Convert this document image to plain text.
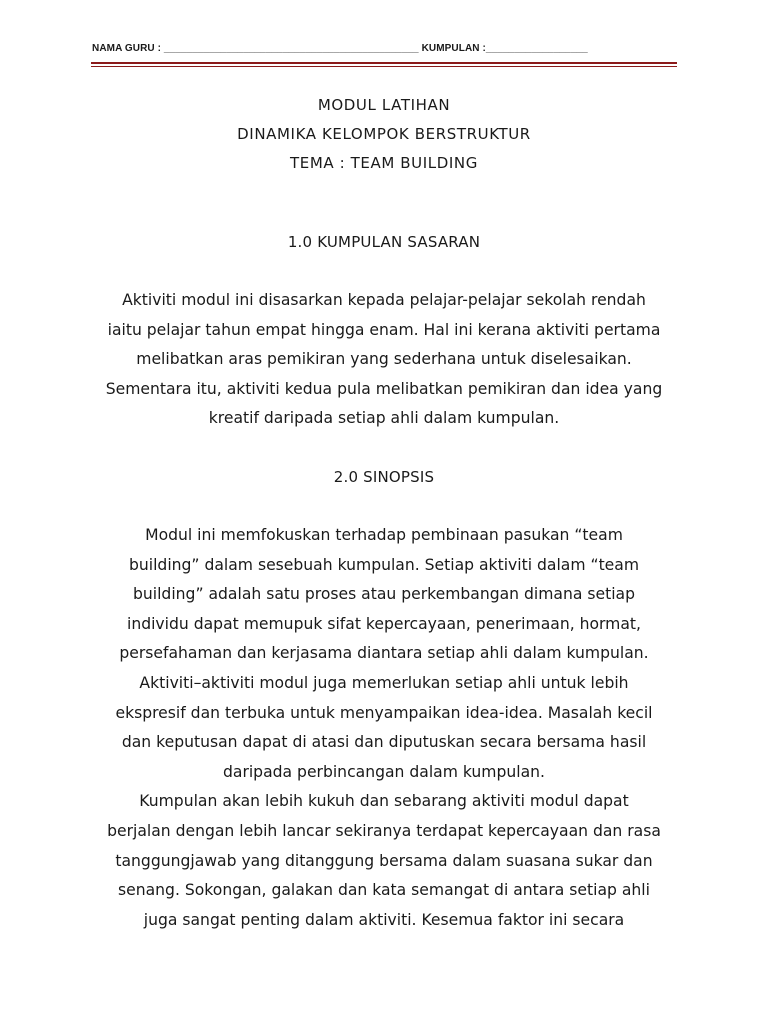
NAMA GURU : _____________________________________________ KUMPULAN :__________________
MODUL LATIHAN
DINAMIKA KELOMPOK BERSTRUKTUR
TEMA : TEAM BUILDING
1.0 KUMPULAN SASARAN
Aktiviti modul ini disasarkan kepada pelajar-pelajar sekolah rendah
iaitu pelajar tahun empat hingga enam. Hal ini kerana aktiviti pertama
melibatkan aras pemikiran yang sederhana untuk diselesaikan.
Sementara itu, aktiviti kedua pula melibatkan pemikiran dan idea yang
kreatif daripada setiap ahli dalam kumpulan.
2.0 SINOPSIS
Modul ini memfokuskan terhadap pembinaan pasukan “team
building” dalam sesebuah kumpulan. Setiap aktiviti dalam “team
building” adalah satu proses atau perkembangan dimana setiap
individu dapat memupuk sifat kepercayaan, penerimaan, hormat,
persefahaman dan kerjasama diantara setiap ahli dalam kumpulan.
Aktiviti–aktiviti modul juga memerlukan setiap ahli untuk lebih
ekspresif dan terbuka untuk menyampaikan idea-idea. Masalah kecil
dan keputusan dapat di atasi dan diputuskan secara bersama hasil
daripada perbincangan dalam kumpulan.
Kumpulan akan lebih kukuh dan sebarang aktiviti modul dapat
berjalan dengan lebih lancar sekiranya terdapat kepercayaan dan rasa
tanggungjawab yang ditanggung bersama dalam suasana sukar dan
senang. Sokongan, galakan dan kata semangat di antara setiap ahli
juga sangat penting dalam aktiviti. Kesemua faktor ini secara
